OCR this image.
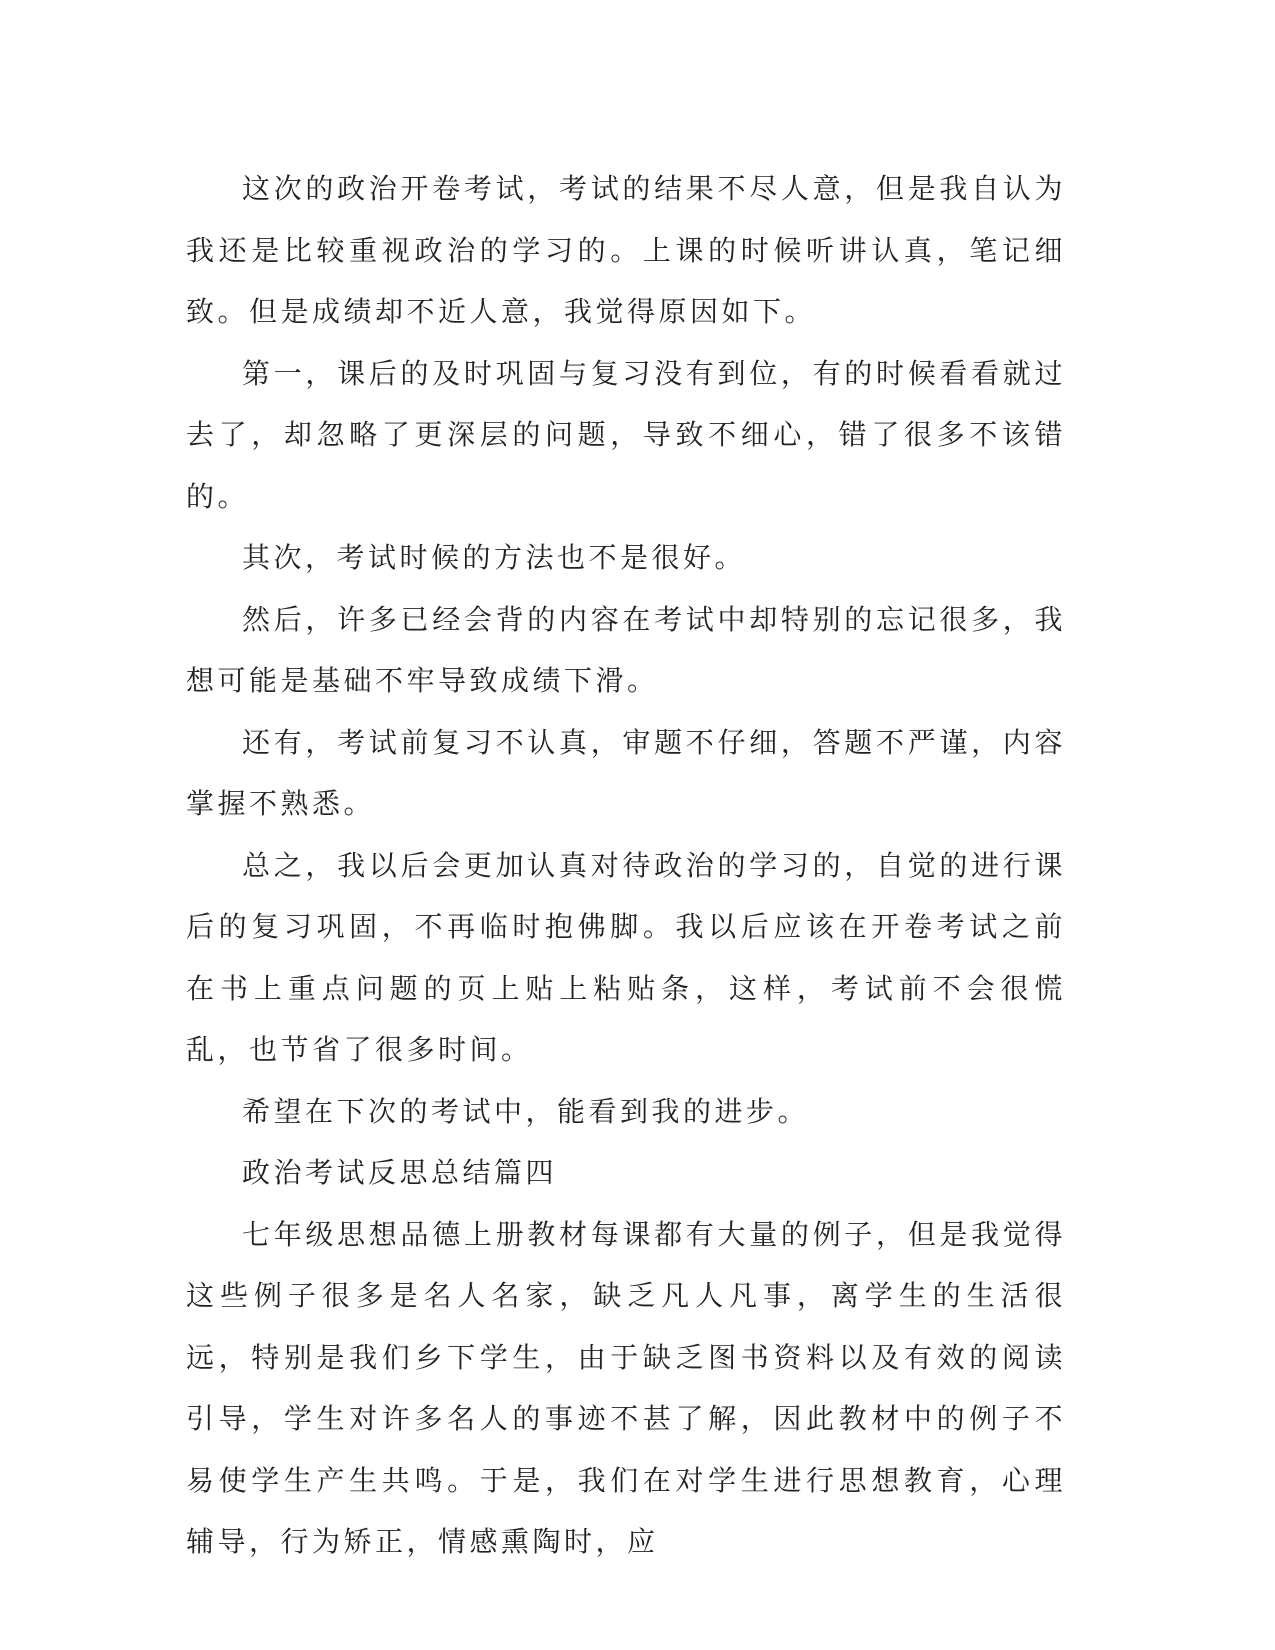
这次的政治开卷考试，考试的结果不尽人意，但是我自认为我还是比较重视政治的学习的。上课的时候听讲认真，笔记细致。但是成绩却不近人意，我觉得原因如下。

第一，课后的及时巩固与复习没有到位，有的时候看看就过去了，却忽略了更深层的问题，导致不细心，错了很多不该错的。

其次，考试时候的方法也不是很好。

然后，许多已经会背的内容在考试中却特别的忘记很多，我想可能是基础不牢导致成绩下滑。

还有，考试前复习不认真，审题不仔细，答题不严谨，内容掌握不熟悉。

总之，我以后会更加认真对待政治的学习的，自觉的进行课后的复习巩固，不再临时抱佛脚。我以后应该在开卷考试之前在书上重点问题的页上贴上粘贴条，这样，考试前不会很慌乱，也节省了很多时间。

希望在下次的考试中，能看到我的进步。

政治考试反思总结篇四

七年级思想品德上册教材每课都有大量的例子，但是我觉得这些例子很多是名人名家，缺乏凡人凡事，离学生的生活很远，特别是我们乡下学生，由于缺乏图书资料以及有效的阅读引导，学生对许多名人的事迹不甚了解，因此教材中的例子不易使学生产生共鸣。于是，我们在对学生进行思想教育，心理辅导，行为矫正，情感熏陶时，应
